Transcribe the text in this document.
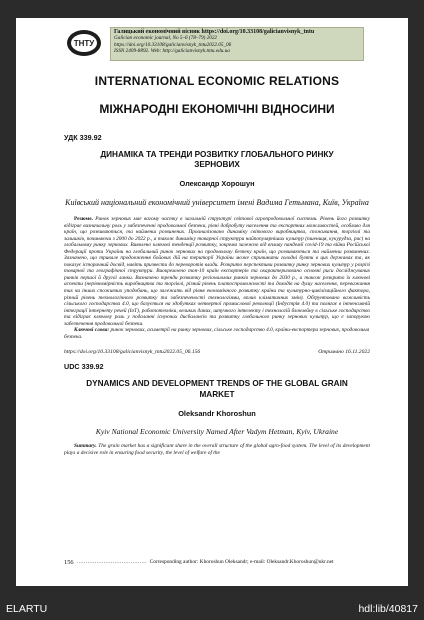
ТНТУ
Галицький економічний вісник https://doi.org/10.33108/galicianvisnyk_tntu
Galician economic journal, No 5–6 (78–79) 2022
https://doi.org/10.33108/galicianvisnyk_tntu2022.05_06
ISSN 2409-8892. Web: http://galicianvisnyk.tntu.edu.ua
INTERNATIONAL ECONOMIC RELATIONS
МІЖНАРОДНІ ЕКОНОМІЧНІ ВІДНОСИНИ
УДК 339.92
ДИНАМІКА ТА ТРЕНДИ РОЗВИТКУ ГЛОБАЛЬНОГО РИНКУ ЗЕРНОВИХ
Олександр Хорошун
Київський національний економічний університет імені Вадима Гетьмана, Київ, Україна
Резюме. Ринок зернових має вагому частку в загальній структурі світової агропродовольчої системи. Рівень його розвитку відіграє визначальну роль у забезпеченні продовольчої безпеки, рівні добробуту населення та експортних можливостей, особливо для країн, що розвиваються, та найменш розвинених. Проаналізовано динаміку світового виробництва, споживання, торгівлі та залишків, починаючи з 2000 до 2022 р., а також динаміку товарної структури найпопулярніших культур (пшениця, кукурудза, рис) на глобальному ринку зернових. Виявлено ключові тенденції розвитку, зокрема залежно від впливу пандемії covid-19 та війни Російської Федерації проти України на глобальний ринок зернових на продовольчу безпеку країн, що розвиваються та найменш розвинених. Зазначено, що тривале продовження бойових дій на території України може спричинити голодні бунти в цих державах та, як показує історичний досвід, навіть призвести до переворотів влади. Розкрито перспективи розвитку ринку зернових культур у розрізі товарної та географічної структури. Виокремлено топ-10 країн експортерів та охарактеризовано основні риси досліджуваних ринків першої й другої ланки. Визначено тренди розвитку регіональних ринків зернових до 2030 р., а також розкрито їх ключові аспекти (нерівномірність виробництва та торгівлі, різний рівень платоспроможності та доходів на душу населення, переважання тих чи інших споживчих уподобань, що залежать від рівня економічного розвитку країни та культурно-цивілізаційного фактора, різний рівень технологічного розвитку та забезпеченості технологіями, вплив кліматичних змін). Обґрунтовано важливість сільського господарства 4.0, що базується на здобутках четвертої промислової революції (Індустрія 4.0) та полягає в інтенсивній інтеграції інтернету речей (IoT), робототехніки, великих даних, штучного інтелекту і технологій блокчейну в сільське господарство та відіграє ключову роль у подоланні існуючих дисбалансів та розвитку глобального ринку зернових культур, що є запорукою забезпечення продовольчої безпеки.
Ключові слова: ринок зернових, асиметрії на ринку зернових, сільське господарство 4.0, країни-експортери зернових, продовольча безпека.
https://doi.org/10.33108/galicianvisnyk_tntu2022.05_06.156	Отримано 16.11.2022
UDC 339.92
DYNAMICS AND DEVELOPMENT TRENDS OF THE GLOBAL GRAIN MARKET
Oleksandr Khoroshun
Kyiv National Economic University Named After Vadym Hetman, Kyiv, Ukraine
Summary. The grain market has a significant share in the overall structure of the global agro-food system. The level of its development plays a decisive role in ensuring food security, the level of welfare of the
156 ………………………………… Corresponding author: Khoroshun Oleksandr; e-mail: Oleksandr.Khoroshun@ukr.net
ELARTU	hdl:lib/40817
